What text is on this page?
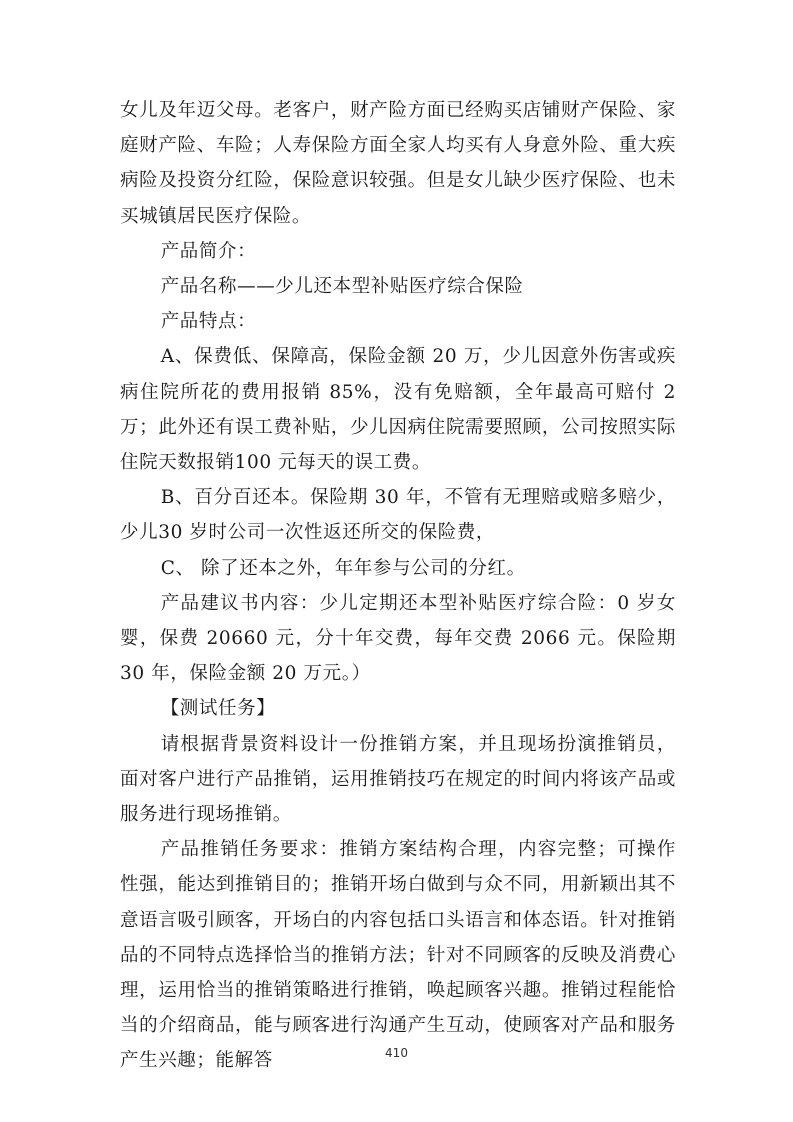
女儿及年迈父母。老客户，财产险方面已经购买店铺财产保险、家庭财产险、车险；人寿保险方面全家人均买有人身意外险、重大疾病险及投资分红险，保险意识较强。但是女儿缺少医疗保险、也未买城镇居民医疗保险。

产品简介：

产品名称——少儿还本型补贴医疗综合保险

产品特点：

A、保费低、保障高，保险金额 20 万，少儿因意外伤害或疾病住院所花的费用报销 85%，没有免赔额，全年最高可赔付 2 万；此外还有误工费补贴，少儿因病住院需要照顾，公司按照实际住院天数报销100 元每天的误工费。

B、百分百还本。保险期 30 年，不管有无理赔或赔多赔少，少儿30 岁时公司一次性返还所交的保险费，

C、 除了还本之外，年年参与公司的分红。

产品建议书内容：少儿定期还本型补贴医疗综合险：0 岁女婴，保费 20660 元，分十年交费，每年交费 2066 元。保险期 30 年，保险金额 20 万元。）

【测试任务】

请根据背景资料设计一份推销方案，并且现场扮演推销员，面对客户进行产品推销，运用推销技巧在规定的时间内将该产品或服务进行现场推销。

产品推销任务要求：推销方案结构合理，内容完整；可操作性强，能达到推销目的；推销开场白做到与众不同，用新颖出其不意语言吸引顾客，开场白的内容包括口头语言和体态语。针对推销品的不同特点选择恰当的推销方法；针对不同顾客的反映及消费心理，运用恰当的推销策略进行推销，唤起顾客兴趣。推销过程能恰当的介绍商品，能与顾客进行沟通产生互动，使顾客对产品和服务产生兴趣；能解答	410
